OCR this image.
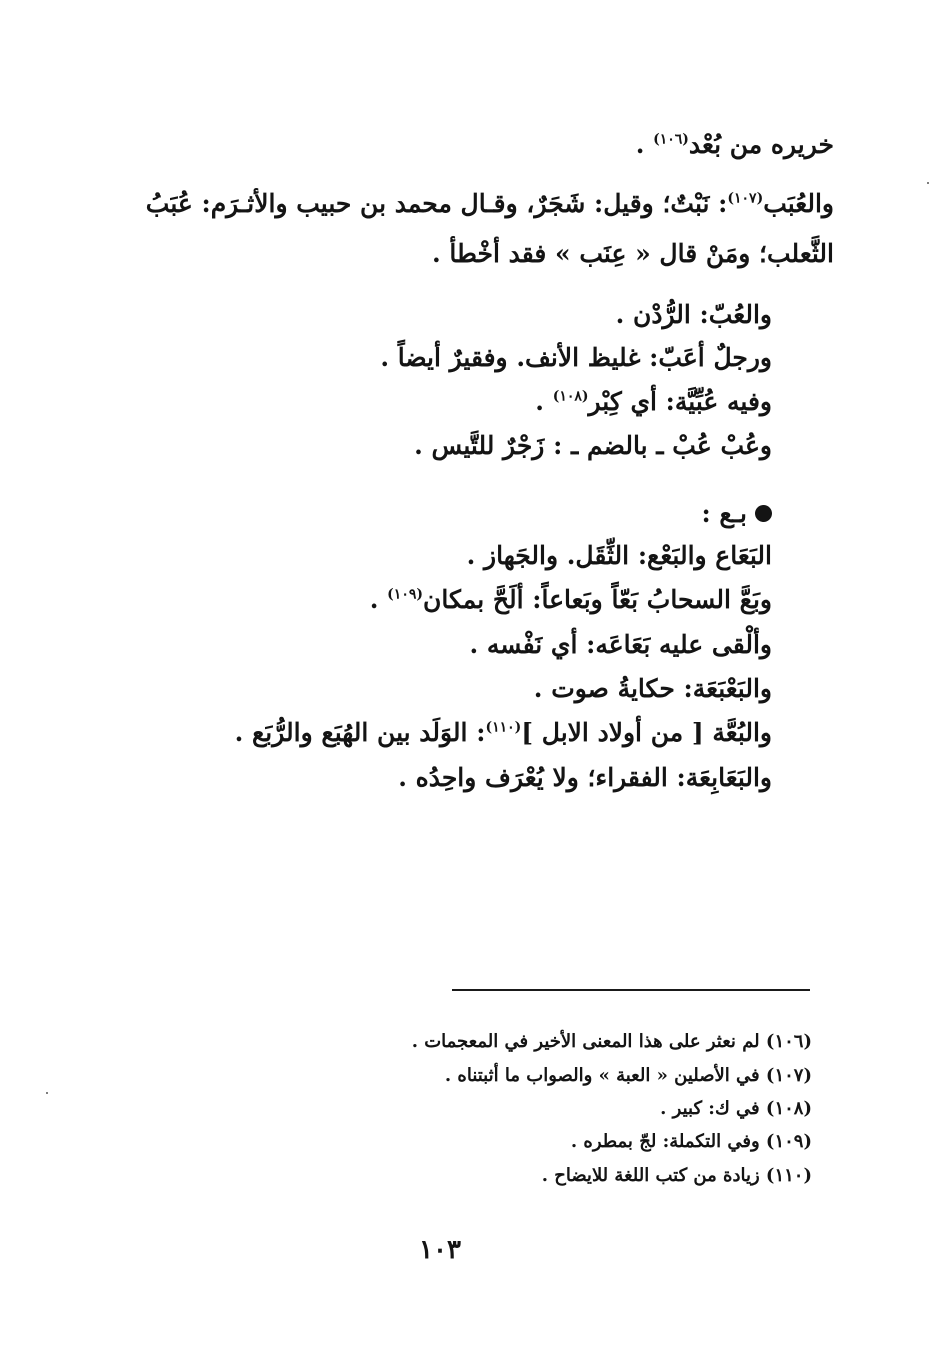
خريره من بُعْد$^{(١٠٦)}$ .
والعُبَب$^{(١٠٧)}$: نَبْتٌ؛ وقيل: شَجَرٌ، وقـال محمد بن حبيب والأثـرَم: عُبَبُ
الثَّعلب؛ ومَنْ قال « عِنَب » فقد أخْطأ .
والعُبّ: الرُّدْن .
ورجلٌ أعَبّ: غليظ الأنف. وفقيرٌ أيضاً .
وفيه عُبِّيَّة: أي كِبْر$^{(١٠٨)}$ .
وعُبْ عُبْ ـ بالضم ـ : زَجْرٌ للتَّيس .
بـع :
البَعَاع والبَعْع: الثِّقَل. والجَهاز .
وبَعَّ السحابُ بَعّاً وبَعاعاً: ألَحَّ بمكان$^{(١٠٩)}$ .
وألْقى عليه بَعَاعَه: أي نَفْسه .
والبَعْبَعَة: حكايةُ صوت .
والبُعَّة [ من أولاد الابل ]$^{(١١٠)}$: الوَلَد بين الهُبَع والرُّبَع .
والبَعَابِعَة: الفقراء؛ ولا يُعْرَف واحِدُه .
(١٠٦) لم نعثر على هذا المعنى الأخير في المعجمات .
(١٠٧) في الأصلين « العبة » والصواب ما أثبتناه .
(١٠٨) في ك: كبير .
(١٠٩) وفي التكملة: لجّ بمطره .
(١١٠) زيادة من كتب اللغة للايضاح .
١٠٣
